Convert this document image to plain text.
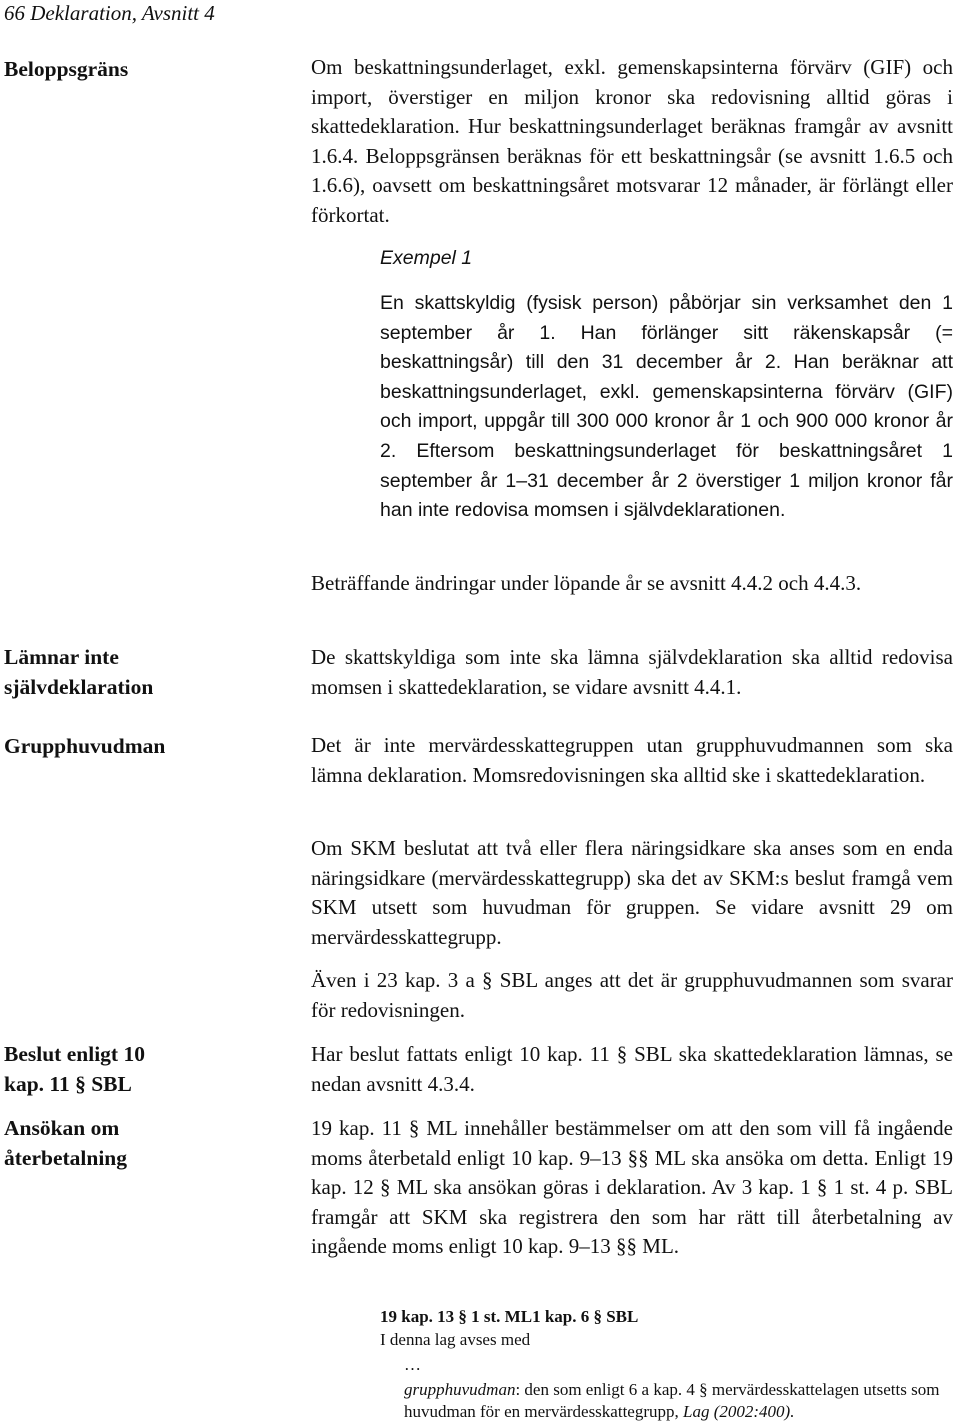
66 Deklaration, Avsnitt 4

Beloppsgräns

Lämnar inte självdeklaration

Grupphuvudman

Beslut enligt 10 kap. 11 § SBL

Ansökan om återbetalning

Om beskattningsunderlaget, exkl. gemenskapsinterna förvärv (GIF) och import, överstiger en miljon kronor ska redovisning alltid göras i skattedeklaration. Hur beskattningsunderlaget beräknas framgår av avsnitt 1.6.4. Beloppsgränsen beräknas för ett beskattningsår (se avsnitt 1.6.5 och 1.6.6), oavsett om beskattningsåret motsvarar 12 månader, är förlängt eller förkortat.

Exempel 1

En skattskyldig (fysisk person) påbörjar sin verksamhet den 1 september år 1. Han förlänger sitt räkenskapsår (= beskattningsår) till den 31 december år 2. Han beräknar att beskattningsunderlaget, exkl. gemenskapsinterna förvärv (GIF) och import, uppgår till 300 000 kronor år 1 och 900 000 kronor år 2. Eftersom beskattningsunderlaget för beskattningsåret 1 september år 1–31 december år 2 överstiger 1 miljon kronor får han inte redovisa momsen i självdeklarationen.

Beträffande ändringar under löpande år se avsnitt 4.4.2 och 4.4.3.

De skattskyldiga som inte ska lämna självdeklaration ska alltid redovisa momsen i skattedeklaration, se vidare avsnitt 4.4.1.

Det är inte mervärdesskattegruppen utan grupphuvudmannen som ska lämna deklaration. Momsredovisningen ska alltid ske i skattedeklaration.

Om SKM beslutat att två eller flera näringsidkare ska anses som en enda näringsidkare (mervärdesskattegrupp) ska det av SKM:s beslut framgå vem SKM utsett som huvudman för gruppen. Se vidare avsnitt 29 om mervärdesskattegrupp.

Även i 23 kap. 3 a § SBL anges att det är grupphuvudmannen som svarar för redovisningen.

Har beslut fattats enligt 10 kap. 11 § SBL ska skattedeklaration lämnas, se nedan avsnitt 4.3.4.

19 kap. 11 § ML innehåller bestämmelser om att den som vill få ingående moms återbetald enligt 10 kap. 9–13 §§ ML ska ansöka om detta. Enligt 19 kap. 12 § ML ska ansökan göras i deklaration. Av 3 kap. 1 § 1 st. 4 p. SBL framgår att SKM ska registrera den som har rätt till återbetalning av ingående moms enligt 10 kap. 9–13 §§ ML.

19 kap. 13 § 1 st. ML1 kap. 6 § SBL

I denna lag avses med

…

grupphuvudman: den som enligt 6 a kap. 4 § mervärdesskattelagen utsetts som huvudman för en mervärdesskattegrupp, Lag (2002:400).
